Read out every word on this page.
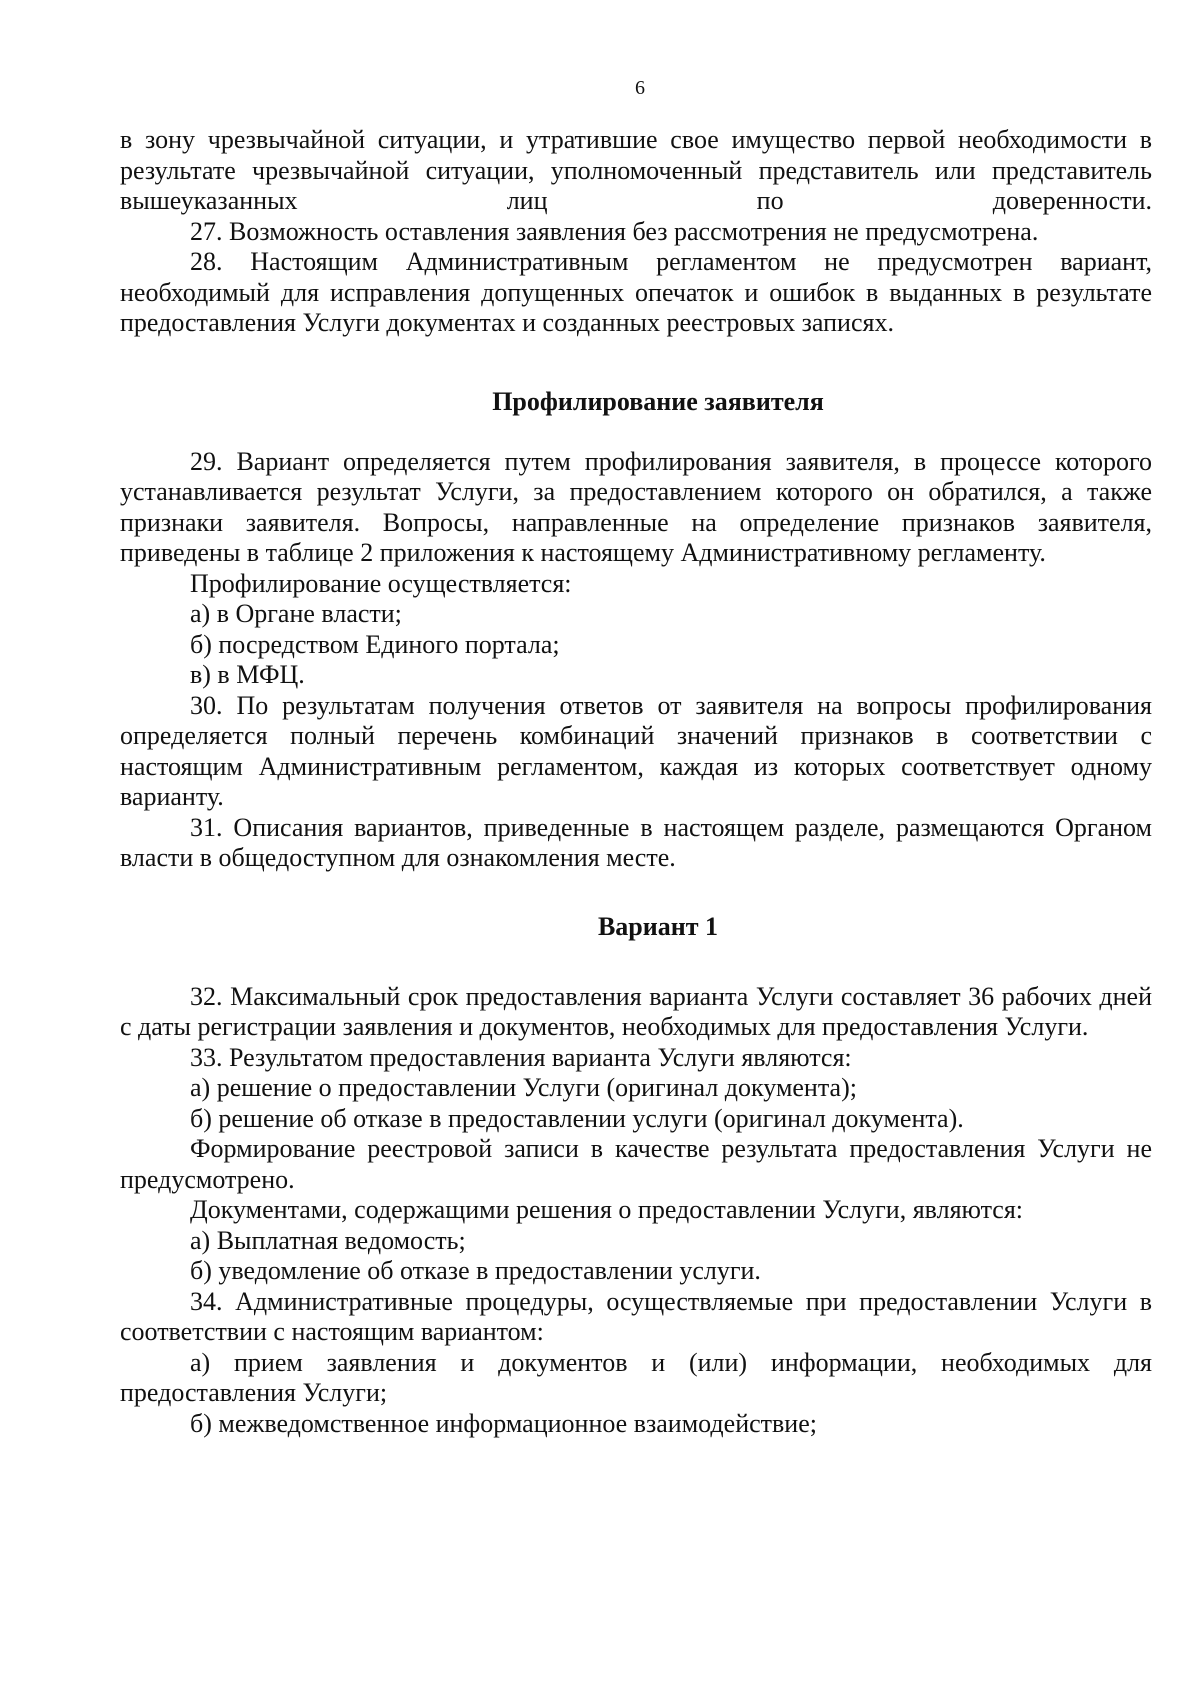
6

в зону чрезвычайной ситуации, и утратившие свое имущество первой необходимости в результате чрезвычайной ситуации, уполномоченный представитель или представитель вышеуказанных лиц по доверенности.

27. Возможность оставления заявления без рассмотрения не предусмотрена.

28. Настоящим Административным регламентом не предусмотрен вариант, необходимый для исправления допущенных опечаток и ошибок в выданных в результате предоставления Услуги документах и созданных реестровых записях.

Профилирование заявителя

29. Вариант определяется путем профилирования заявителя, в процессе которого устанавливается результат Услуги, за предоставлением которого он обратился, а также признаки заявителя. Вопросы, направленные на определение признаков заявителя, приведены в таблице 2 приложения к настоящему Административному регламенту.

Профилирование осуществляется:

а) в Органе власти;

б) посредством Единого портала;

в) в МФЦ.

30. По результатам получения ответов от заявителя на вопросы профилирования определяется полный перечень комбинаций значений признаков в соответствии с настоящим Административным регламентом, каждая из которых соответствует одному варианту.

31. Описания вариантов, приведенные в настоящем разделе, размещаются Органом власти в общедоступном для ознакомления месте.

Вариант 1

32. Максимальный срок предоставления варианта Услуги составляет 36 рабочих дней с даты регистрации заявления и документов, необходимых для предоставления Услуги.

33. Результатом предоставления варианта Услуги являются:

а) решение о предоставлении Услуги (оригинал документа);

б) решение об отказе в предоставлении услуги (оригинал документа).

Формирование реестровой записи в качестве результата предоставления Услуги не предусмотрено.

Документами, содержащими решения о предоставлении Услуги, являются:

а) Выплатная ведомость;

б) уведомление об отказе в предоставлении услуги.

34. Административные процедуры, осуществляемые при предоставлении Услуги в соответствии с настоящим вариантом:

а) прием заявления и документов и (или) информации, необходимых для предоставления Услуги;

б) межведомственное информационное взаимодействие;
